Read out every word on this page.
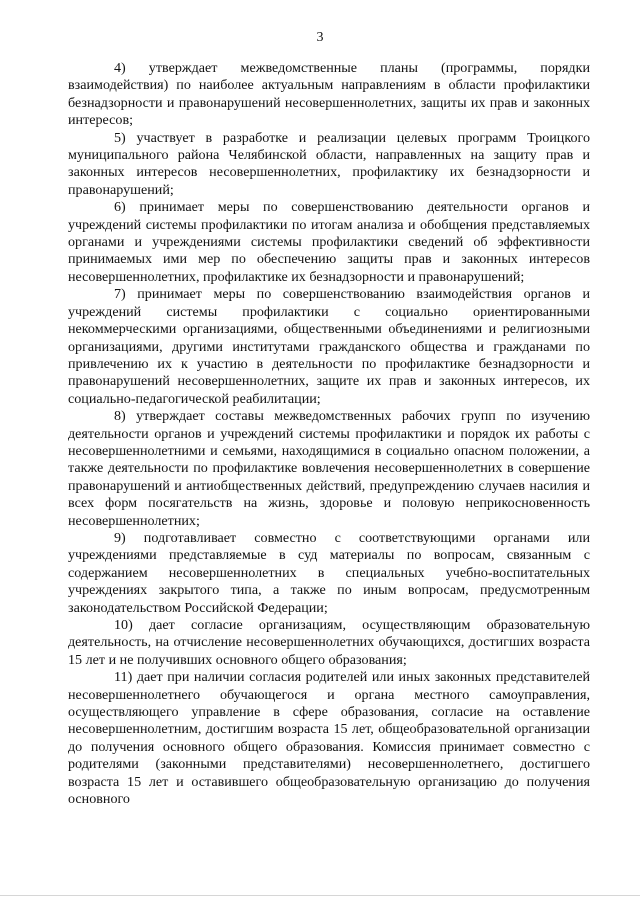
3

4) утверждает межведомственные планы (программы, порядки взаимодействия) по наиболее актуальным направлениям в области профилактики безнадзорности и правонарушений несовершеннолетних, защиты их прав и законных интересов;

5) участвует в разработке и реализации целевых программ Троицкого муниципального района Челябинской области, направленных на защиту прав и законных интересов несовершеннолетних, профилактику их безнадзорности и правонарушений;

6) принимает меры по совершенствованию деятельности органов и учреждений системы профилактики по итогам анализа и обобщения представляемых органами и учреждениями системы профилактики сведений об эффективности принимаемых ими мер по обеспечению защиты прав и законных интересов несовершеннолетних, профилактике их безнадзорности и правонарушений;

7) принимает меры по совершенствованию взаимодействия органов и учреждений системы профилактики с социально ориентированными некоммерческими организациями, общественными объединениями и религиозными организациями, другими институтами гражданского общества и гражданами по привлечению их к участию в деятельности по профилактике безнадзорности и правонарушений несовершеннолетних, защите их прав и законных интересов, их социально-педагогической реабилитации;

8) утверждает составы межведомственных рабочих групп по изучению деятельности органов и учреждений системы профилактики и порядок их работы с несовершеннолетними и семьями, находящимися в социально опасном положении, а также деятельности по профилактике вовлечения несовершеннолетних в совершение правонарушений и антиобщественных действий, предупреждению случаев насилия и всех форм посягательств на жизнь, здоровье и половую неприкосновенность несовершеннолетних;

9) подготавливает совместно с соответствующими органами или учреждениями представляемые в суд материалы по вопросам, связанным с содержанием несовершеннолетних в специальных учебно-воспитательных учреждениях закрытого типа, а также по иным вопросам, предусмотренным законодательством Российской Федерации;

10) дает согласие организациям, осуществляющим образовательную деятельность, на отчисление несовершеннолетних обучающихся, достигших возраста 15 лет и не получивших основного общего образования;

11) дает при наличии согласия родителей или иных законных представителей несовершеннолетнего обучающегося и органа местного самоуправления, осуществляющего управление в сфере образования, согласие на оставление несовершеннолетним, достигшим возраста 15 лет, общеобразовательной организации до получения основного общего образования. Комиссия принимает совместно с родителями (законными представителями) несовершеннолетнего, достигшего возраста 15 лет и оставившего общеобразовательную организацию до получения основного
